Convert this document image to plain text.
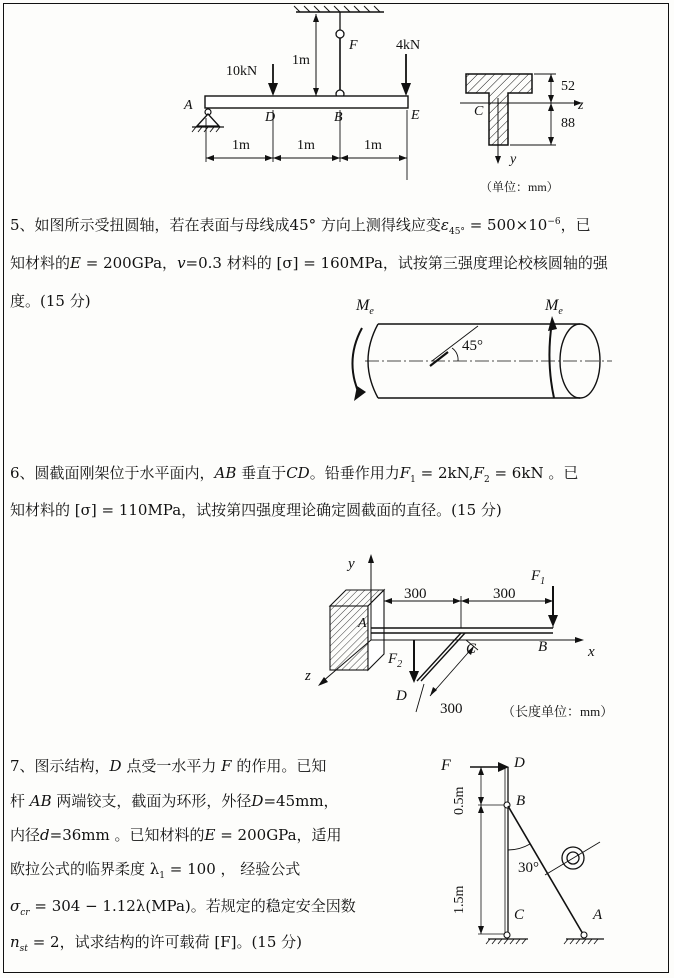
F
1m
10kN
4kN
A
D	B	E
1m	1m	1m
52
88
C	z
y
（单位：mm）
5、如图所示受扭圆轴，若在表面与母线成45° 方向上测得线应变$\varepsilon_{45^\circ} = 500\times 10^{-6}$，已
知材料的E = 200GPa，v=0.3 材料的 [σ] = 160MPa，试按第三强度理论校核圆轴的强
度。(15 分)	$M_e$	$M_e$
45°
6、圆截面刚架位于水平面内，AB 垂直于CD。铅垂作用力$F_1 = 2kN,F_2 = 6kN$ 。已
知材料的 [σ] = 110MPa，试按第四强度理论确定圆截面的直径。(15 分)
y
A
300	300
$F_1$
$F_2$
C	B	x
z
D
300	（长度单位：mm）
7、图示结构，D 点受一水平力 F 的作用。已知
杆 AB 两端铰支，截面为环形，外径D=45mm，
内径d=36mm 。已知材料的E = 200GPa，适用
欧拉公式的临界柔度 $\lambda_1 = 100$ ， 经验公式
$\sigma_{cr} = 304 - 1.12\lambda(MPa)$。若规定的稳定安全因数
$n_{st} = 2$，试求结构的许可载荷 [F]。(15 分)
F	D
B
C	A
0.5m
1.5m
30°
